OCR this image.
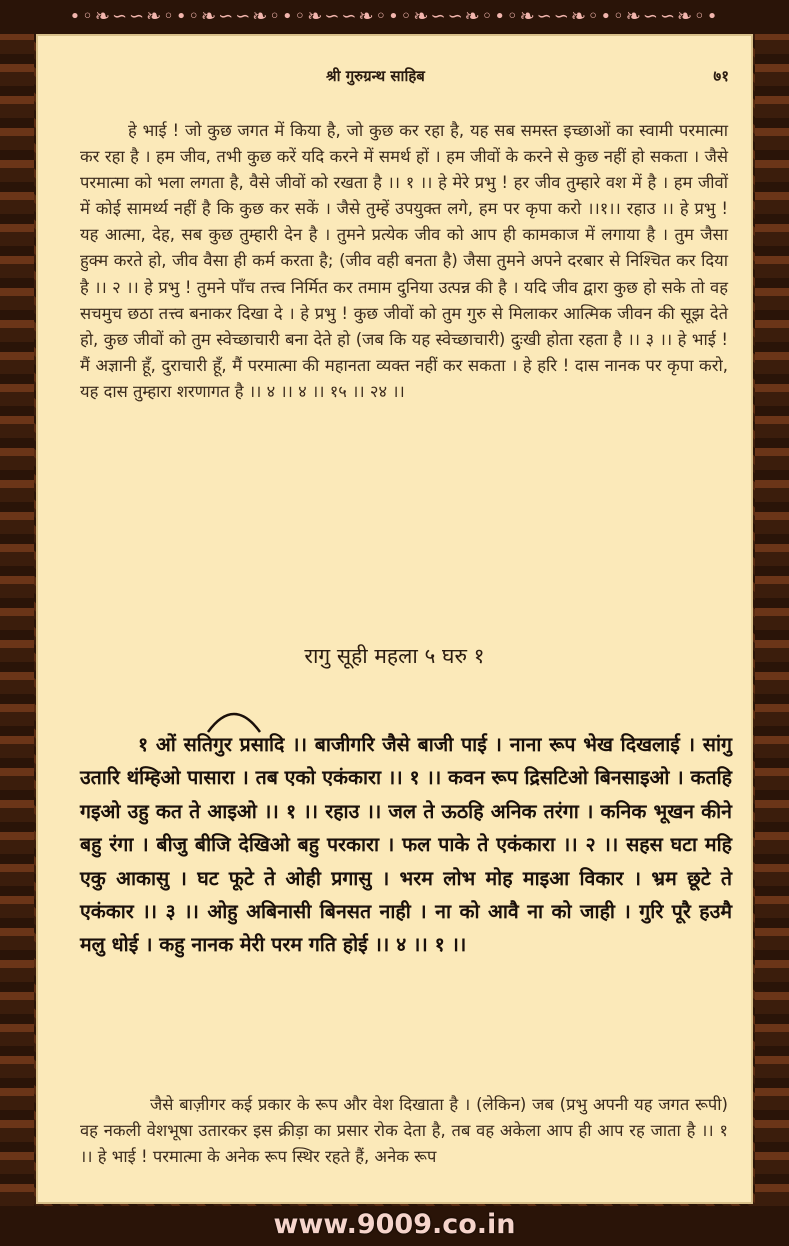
•◦❧∽∽❧◦•◦❧∽∽❧◦•◦❧∽∽❧◦•◦❧∽∽❧◦•◦❧∽∽❧◦•◦❧∽∽❧◦•
www.9009.co.in
श्री गुरुग्रन्थ साहिब	७१
हे भाई ! जो कुछ जगत में किया है, जो कुछ कर रहा है, यह सब समस्त इच्छाओं का स्वामी परमात्मा कर रहा है । हम जीव, तभी कुछ करें यदि करने में समर्थ हों । हम जीवों के करने से कुछ नहीं हो सकता । जैसे परमात्मा को भला लगता है, वैसे जीवों को रखता है ।। १ ।। हे मेरे प्रभु ! हर जीव तुम्हारे वश में है । हम जीवों में कोई सामर्थ्य नहीं है कि कुछ कर सकें । जैसे तुम्हें उपयुक्त लगे, हम पर कृपा करो ।।१।। रहाउ ।। हे प्रभु ! यह आत्मा, देह, सब कुछ तुम्हारी देन है । तुमने प्रत्येक जीव को आप ही कामकाज में लगाया है । तुम जैसा हुक्म करते हो, जीव वैसा ही कर्म करता है; (जीव वही बनता है) जैसा तुमने अपने दरबार से निश्चित कर दिया है ।। २ ।। हे प्रभु ! तुमने पाँच तत्त्व निर्मित कर तमाम दुनिया उत्पन्न की है । यदि जीव द्वारा कुछ हो सके तो वह सचमुच छठा तत्त्व बनाकर दिखा दे । हे प्रभु ! कुछ जीवों को तुम गुरु से मिलाकर आत्मिक जीवन की सूझ देते हो, कुछ जीवों को तुम स्वेच्छाचारी बना देते हो (जब कि यह स्वेच्छाचारी) दुःखी होता रहता है ।। ३ ।। हे भाई ! मैं अज्ञानी हूँ, दुराचारी हूँ, मैं परमात्मा की महानता व्यक्त नहीं कर सकता । हे हरि ! दास नानक पर कृपा करो, यह दास तुम्हारा शरणागत है ।। ४ ।। ४ ।। १५ ।। २४ ।।
रागु सूही महला ५ घरु १
१ ओं सतिगुर प्रसादि ।। बाजीगरि जैसे बाजी पाई । नाना रूप भेख दिखलाई । सांगु उतारि थंम्हिओ पासारा । तब एको एकंकारा ।। १ ।। कवन रूप द्रिसटिओ बिनसाइओ । कतहि गइओ उहु कत ते आइओ ।। १ ।। रहाउ ।। जल ते ऊठहि अनिक तरंगा । कनिक भूखन कीने बहु रंगा । बीजु बीजि देखिओ बहु परकारा । फल पाके ते एकंकारा ।। २ ।। सहस घटा महि एकु आकासु । घट फूटे ते ओही प्रगासु । भरम लोभ मोह माइआ विकार । भ्रम छूटे ते एकंकार ।। ३ ।। ओहु अबिनासी बिनसत नाही । ना को आवै ना को जाही । गुरि पूरै हउमै मलु धोई । कहु नानक मेरी परम गति होई ।। ४ ।। १ ।।
जैसे बाज़ीगर कई प्रकार के रूप और वेश दिखाता है । (लेकिन) जब (प्रभु अपनी यह जगत रूपी) वह नकली वेशभूषा उतारकर इस क्रीड़ा का प्रसार रोक देता है, तब वह अकेला आप ही आप रह जाता है ।। १ ।। हे भाई ! परमात्मा के अनेक रूप स्थिर रहते हैं, अनेक रूप
